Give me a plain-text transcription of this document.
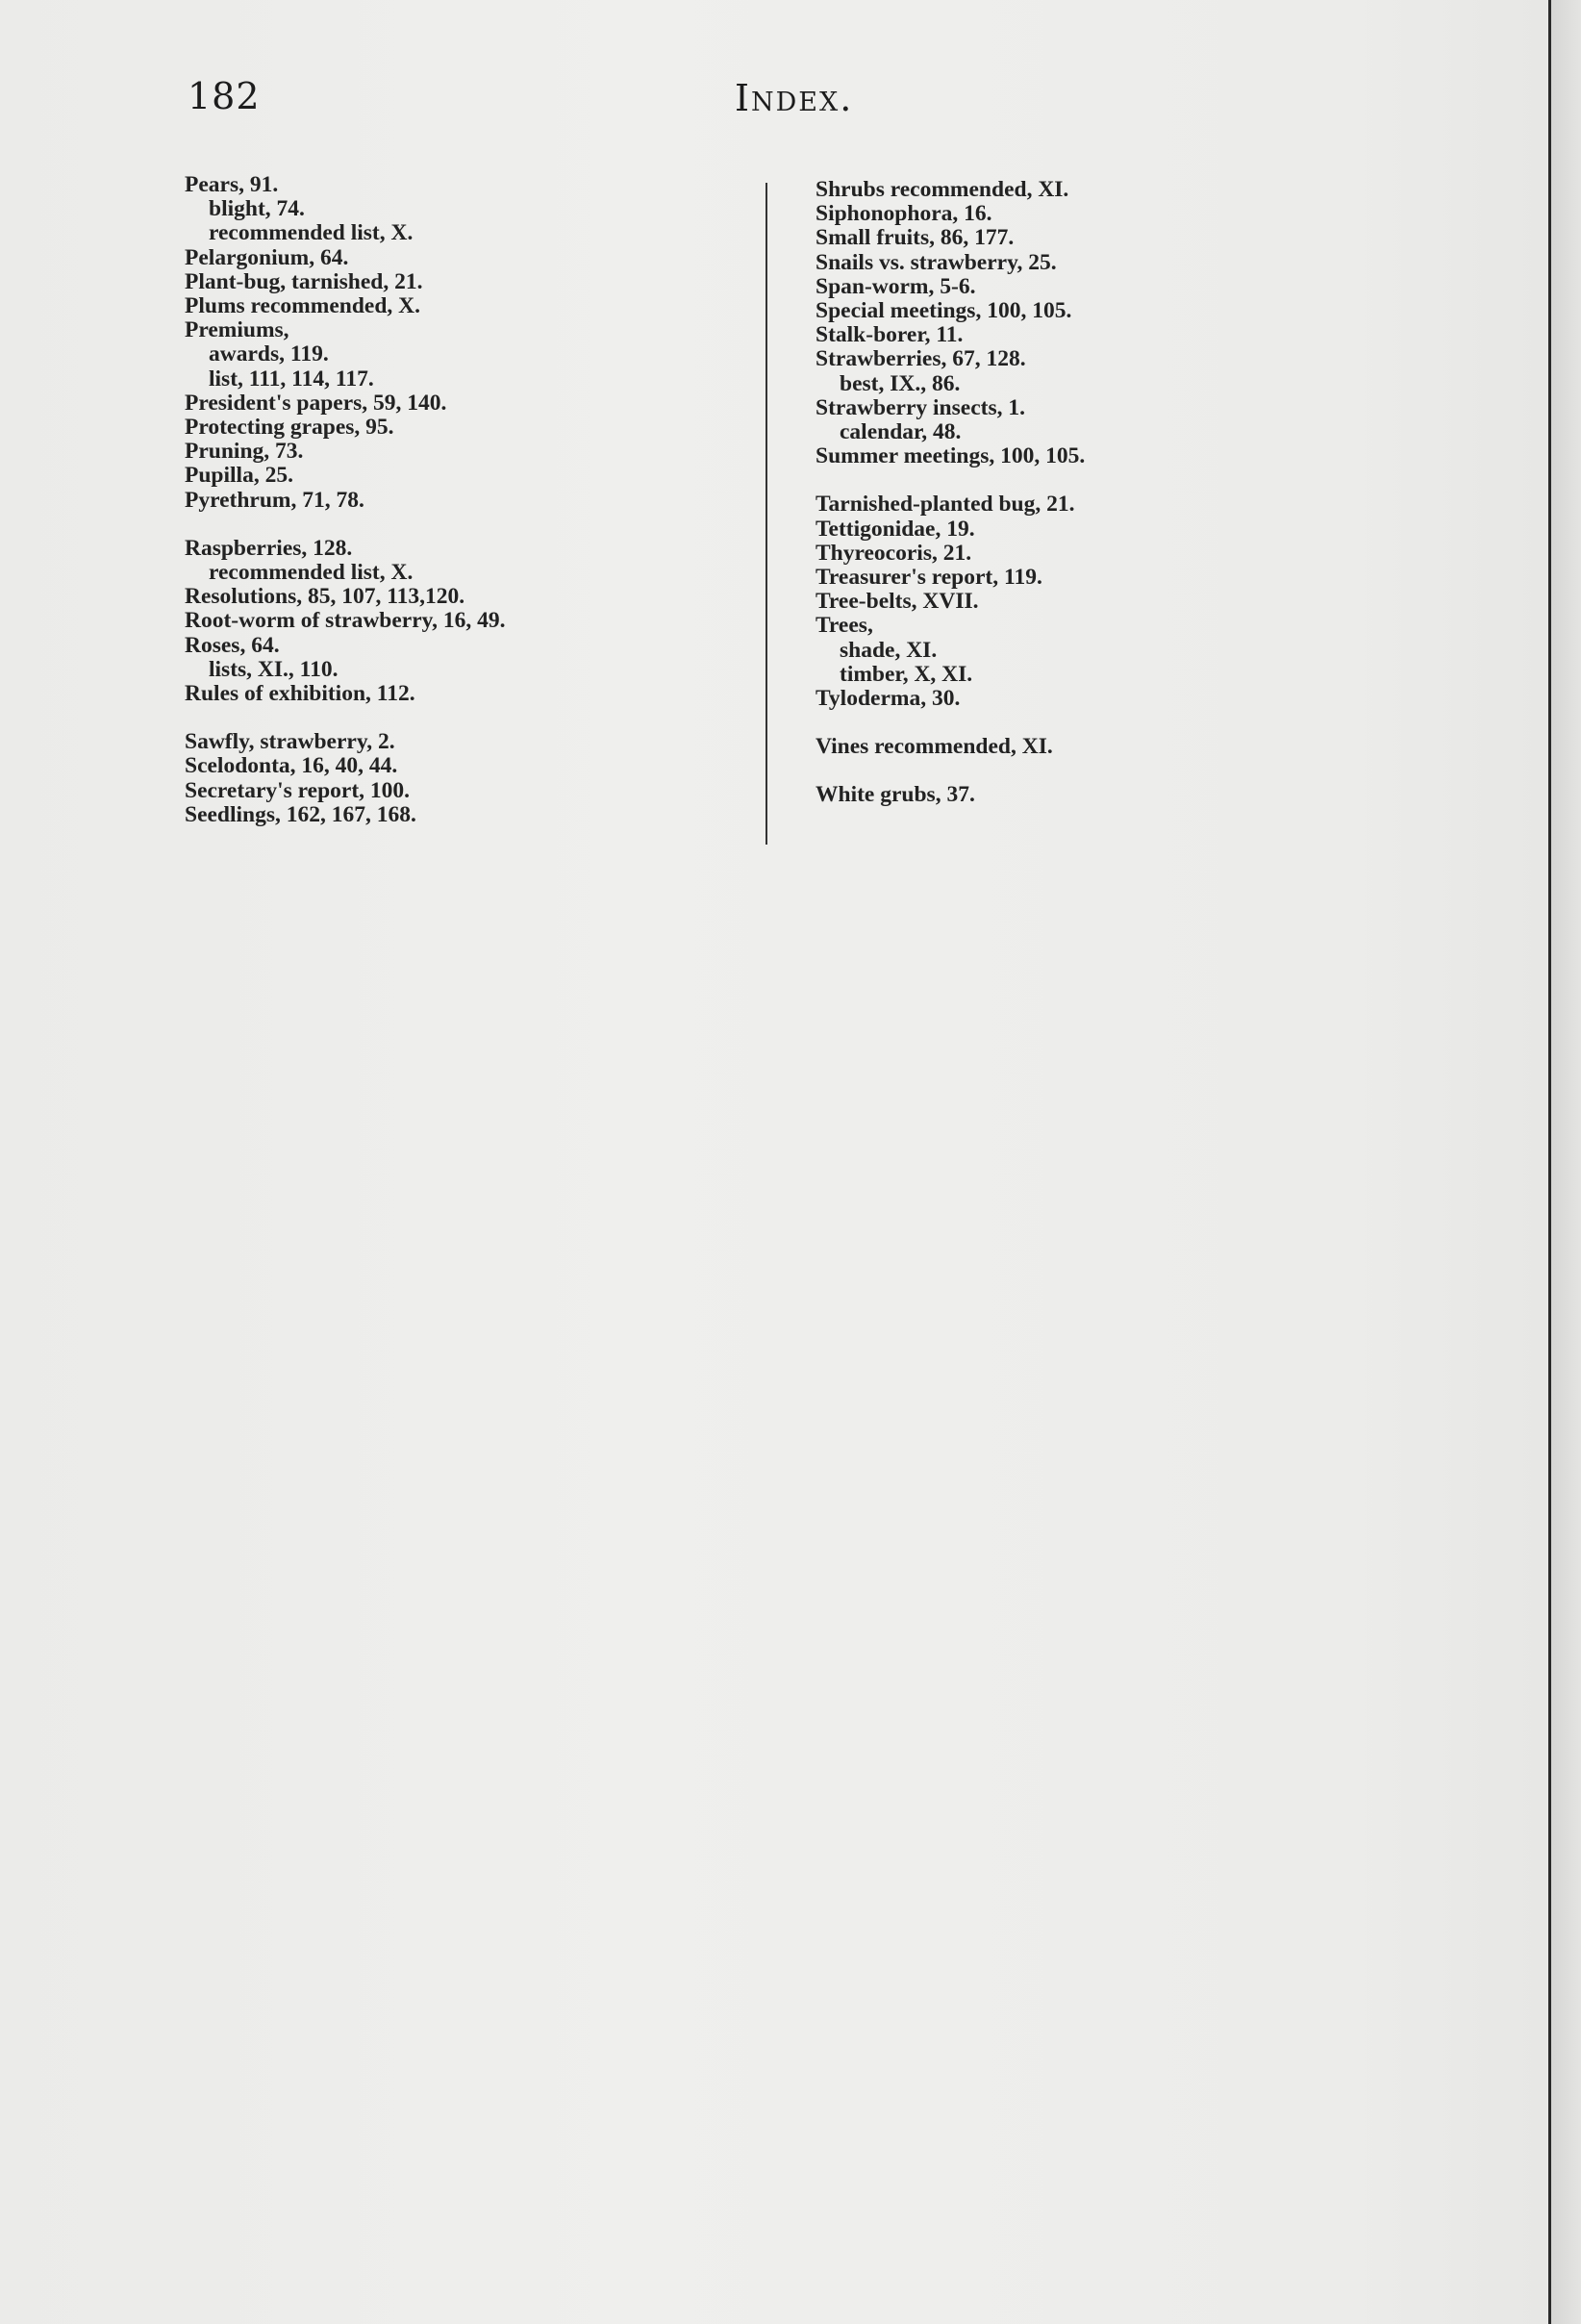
182	Index.
Pears, 91.
blight, 74.
recommended list, X.
Pelargonium, 64.
Plant-bug, tarnished, 21.
Plums recommended, X.
Premiums,
awards, 119.
list, 111, 114, 117.
President's papers, 59, 140.
Protecting grapes, 95.
Pruning, 73.
Pupilla, 25.
Pyrethrum, 71, 78.
Raspberries, 128.
recommended list, X.
Resolutions, 85, 107, 113,120.
Root-worm of strawberry, 16, 49.
Roses, 64.
lists, XI., 110.
Rules of exhibition, 112.
Sawfly, strawberry, 2.
Scelodonta, 16, 40, 44.
Secretary's report, 100.
Seedlings, 162, 167, 168.
Shrubs recommended, XI.
Siphonophora, 16.
Small fruits, 86, 177.
Snails vs. strawberry, 25.
Span-worm, 5-6.
Special meetings, 100, 105.
Stalk-borer, 11.
Strawberries, 67, 128.
best, IX., 86.
Strawberry insects, 1.
calendar, 48.
Summer meetings, 100, 105.
Tarnished-planted bug, 21.
Tettigonidae, 19.
Thyreocoris, 21.
Treasurer's report, 119.
Tree-belts, XVII.
Trees,
shade, XI.
timber, X, XI.
Tyloderma, 30.
Vines recommended, XI.
White grubs, 37.
